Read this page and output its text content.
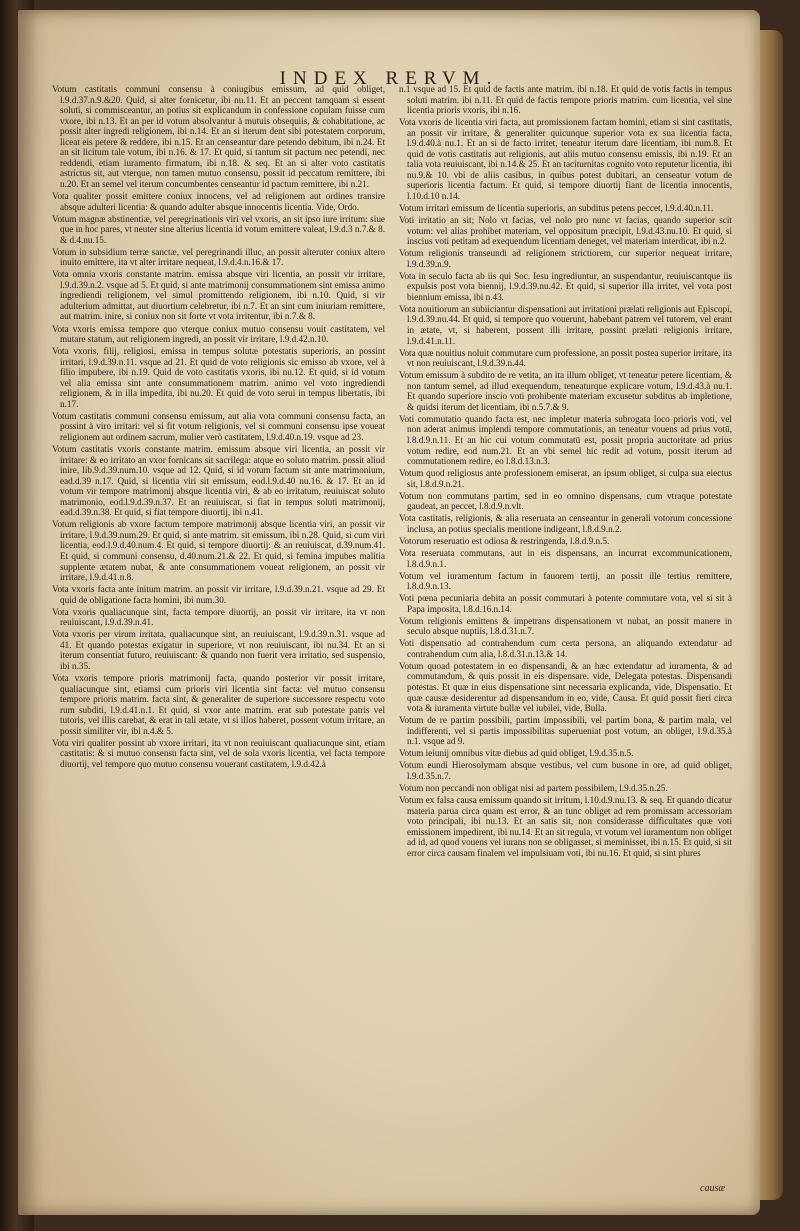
INDEX RERVM.

Votum castitatis communi consensu à coniugibus emissum, ad quid obliget, l.9.d.37.n.9.&20. Quid, si alter fornicetur, ibi nu.11. Et an peccent tamquam si essent soluti, si commisceantur, an potius sit explicandum in confessione copulam fuisse cum vxore, ibi n.13. Et an per id votum absolvantur à mutuis obsequiis, & cohabitatione, ac possit alter ingredi religionem, ibi n.14. Et an si iterum dent sibi potestatem corporum, liceat eis petere & reddere, ibi n.15. Et an censeantur dare petendo debitum, ibi n.24. Et an sit licitum tale votum, ibi n.16. & 17. Et quid, si tantum sit pactum nec petendi, nec reddendi, etiam iuramento firmatum, ibi n.18. & seq. Et an si alter voto castitatis astrictus sit, aut vterque, non tamen mutuo consensu, possit id peccatum remittere, ibi n.20. Et an semel vel iterum concumbentes censeantur id pactum remittere, ibi n.21.

Vota qualiter possit emittere coniux innocens, vel ad religionem aut ordines transire absque adulteri licentia: & quando adulter absque innocentis licentia. Vide, Ordo.

Votum magnæ abstinentiæ, vel peregrinationis viri vel vxoris, an sit ipso iure irritum: siue que in hoc pares, vt neuter sine alterius licentia id votum emittere valeat, l.9.d.3 n.7.& 8. & d.4.nu.15.

Votum in subsidium terræ sanctæ, vel peregrinandi illuc, an possit alteruter coniux altero inuito emittere, ita vt alter irritare nequeat, l.9.d.4.n.16.& 17.

Vota omnia vxoris constante matrim. emissa absque viri licentia, an possit vir irritare, l.9.d.39.n.2. vsque ad 5. Et quid, si ante matrimonij consummationem sint emissa animo ingrediendi religionem, vel simul promittendo religionem, ibi n.10. Quid, si vir adulterium admittat, aut diuortium celebretur, ibi n.7. Et an sint cum iniuriam remittere, aut matrim. inire, si coniux non sit forte vt vota irritentur, ibi n.7.& 8.

Vota vxoris emissa tempore quo vterque coniux mutuo consensu vouit castitatem, vel mutare statum, aut religionem ingredi, an possit vir irritare, l.9.d.42.n.10.

Vota vxoris, filij, religiosi, emissa in tempus solutæ potestatis superioris, an possint irritari, l.9.d.39.n.11. vsque ad 21. Et quid de voto religionis sic emisso ab vxore, vel à filio impubere, ibi n.19. Quid de voto castitatis vxoris, ibi nu.12. Et quid, si id votum vel alia emissa sint ante consummationem matrim. animo vel voto ingrediendi religionem, & in illa impedita, ibi nu.20. Et quid de voto serui in tempus libertatis, ibi n.17.

Votum castitatis communi consensu emissum, aut alia vota communi consensu facta, an possint à viro irritari: vel si fit votum religionis, vel si communi consensu ipse voueat religionem aut ordinem sacrum, mulier verò castitatem, l.9.d.40.n.19. vsque ad 23.

Votum castitatis vxoris constante matrim. emissum absque viri licentia, an possit vir irritare: & eo irritato an vxor fornicans sit sacrilega: atque eo soluto matrim. possit aliud inire, lib.9.d.39.num.10. vsque ad 12. Quid, si id votum factum sit ante matrimonium, ead.d.39 n.17. Quid, si licentia viri sit emissum, eod.l.9.d.40 nu.16. & 17. Et an id votum vir tempore matrimonij absque licentia viri, & ab eo irritatum, reuiuiscat soluto matrimonio, eod.l.9.d.39.n.37. Et an reuiuiscat, si fiat in tempus soluti matrimonij, ead.d.39.n.38. Et quid, si fiat tempore diuortij, ibi n.41.

Votum religionis ab vxore factum tempore matrimonij absque licentia viri, an possit vir irritare, l.9.d.39.num.29. Et quid, si ante matrim. sit emissum, ibi n.28. Quid, si cum viri licentia, eod.l.9.d.40.num.4. Et quid, si tempore diuortij: & an reuiuiscat, d.39.num.41. Et quid, si communi consensu, d.40.num.21.& 22. Et quid, si femina impubes malitia supplente ætatem nubat, & ante consummationem voueat religionem, an possit vir irritare, l.9.d.41.n.8.

Vota vxoris facta ante initum matrim. an possit vir irritare, l.9.d.39.n.21. vsque ad 29. Et quid de obligatione facta homini, ibi num.30.

Vota vxoris qualiacunque sint, facta tempore diuortij, an possit vir irritare, ita vt non reuiuiscant, l.9.d.39.n.41.

Vota vxoris per virum irritata, qualiacunque sint, an reuiuiscant, l.9.d.39.n.31. vsque ad 41. Et quando potestas exigatur in superiore, vt non reuiuiscant, ibi nu.34. Et an si iterum consentiat futuro, reuiuiscant: & quando non fuerit vera irritatio, sed suspensio, ibi n.35.

Vota vxoris tempore prioris matrimonij facta, quando posterior vir possit irritare, qualiacunque sint, etiamsi cum prioris viri licentia sint facta: vel mutuo consensu tempore prioris matrim. facta sint, & generaliter de superiore successore respectu voto rum subditi, l.9.d.41.n.1. Et quid, si vxor ante matrim. erat sub potestate patris vel tutoris, vel illis carebat, & erat in tali ætate, vt si illos haberet, possent votum irritare, an possit similiter vir, ibi n.4.& 5.

Vota viri qualiter possint ab vxore irritari, ita vt non reuiuiscant qualiacunque sint, etiam castitatis: & si mutuo consensu facta sint, vel de sola vxoris licentia, vel facta tempore diuortij, vel tempore quo mutuo consensu vouerant castitatem, l.9.d.42.à

n.1 vsque ad 15. Et quid de factis ante matrim. ibi n.18. Et quid de votis factis in tempus soluti matrim. ibi n.11. Et quid de factis tempore prioris matrim. cum licentia, vel sine licentia prioris vxoris, ibi n.16.

Vota vxoris de licentia viri facta, aut promissionem factam homini, etiam si sint castitatis, an possit vir irritare, & generaliter quicunque superior vota ex sua licentia facta, l.9.d.40.à nu.1. Et an si de facto irritet, teneatur iterum dare licentiam, ibi num.8. Et quid de votis castitatis aut religionis, aut aliis mutuo consensu emissis, ibi n.19. Et an talia vota reuiuiscant, ibi n.14.& 25. Et an taciturnitas cognito voto reputetur licentia, ibi nu.9.& 10. vbi de aliis casibus, in quibus potest dubitari, an censeatur votum de superioris licentia factum. Et quid, si tempore diuortij fiant de licentia innocentis, l.10.d.10 n.14.

Votum irritari emissum de licentia superioris, an subditus petens peccet, l.9.d.40.n.11.

Voti irritatio an sit; Nolo vt facias, vel nolo pro nunc vt facias, quando superior scit votum: vel alias prohibet materiam, vel oppositum præcipit, l.9.d.43.nu.10. Et quid, si inscius voti petitam ad exequendum licentiam deneget, vel materiam interdicat, ibi n.2.

Votum religionis transeundi ad religionem strictiorem, cur superior nequeat irritare, l.9.d.39.n.9.

Vota in seculo facta ab iis qui Soc. Iesu ingrediuntur, an suspendantur, reuiuiscantque iis expulsis post vota biennij, l.9.d.39.nu.42. Et quid, si superior illa irritet, vel vota post biennium emissa, ibi n.43.

Vota nouitiorum an subiiciantur dispensationi aut irritationi prælati religionis aut Episcopi, l.9.d.39.nu.44. Et quid, si tempore quo vouerunt, habebant patrem vel tutorem, vel erant in ætate, vt, si haberent, possent illi irritare, possint prælati religionis irritare, l.9.d.41.n.11.

Vota quæ nouitius noluit commutare cum professione, an possit postea superior irritare, ita vt non reuiuiscant, l.9.d.39.n.44.

Votum emissum à subdito de re vetita, an ita illum obliget, vt teneatur petere licentiam, & non tantum semel, ad illud exequendum, teneaturque explicare votum, l.9.d.43.à nu.1. Et quando superiore inscio voti prohibente materiam excusetur subditus ab impletione, & quidsi iterum det licentiam, ibi n.5.7.& 9.

Voti commutatio quando facta est, nec impletur materia subrogata loco prioris voti, vel non aderat animus implendi tempore commutationis, an teneatur vouens ad prius votū, l.8.d.9.n.11. Et an hic cui votum commutatū est, possit propria auctoritate ad prius votum redire, eod num.21. Et an vbi semel hic redit ad votum, possit iterum ad commutationem redire, eo l.8.d.13.n.3.

Votum quod religiosus ante professionem emiserat, an ipsum obliget, si culpa sua eiectus sit, l.8.d.9.n.21.

Votum non commutans partim, sed in eo omnino dispensans, cum vtraque potestate gaudeat, an peccet, l.8.d.9.n.vlt.

Vota castitatis, religionis, & alia reseruata an censeantur in generali votorum concessione inclusa, an potius specialis mentione indigeant, l.8.d.9.n.2.

Votorum reseruatio est odiosa & restringenda, l.8.d.9.n.5.

Vota reseruata commutans, aut in eis dispensans, an incurrat excommunicationem, l.8.d.9.n.1.

Votum vel iuramentum factum in fauorem tertij, an possit ille tertius remittere, l.8.d.9.n.13.

Voti pœna pecuniaria debita an possit commutari à potente commutare vota, vel si sit à Papa imposita, l.8.d.16.n.14.

Votum religionis emittens & impetrans dispensationem vt nubat, an possit manere in seculo absque nuptiis, l.8.d.31.n.7.

Voti dispensatio ad contrahendum cum certa persona, an aliquando extendatur ad contrahendum cum alia, l.8.d.31.n.13.& 14.

Votum quoad potestatem in eo dispensandi, & an hæc extendatur ad iuramenta, & ad commutandum, & quis possit in eis dispensare. vide, Delegata potestas. Dispensandi potestas. Et quæ in eius dispensatione sint necessaria explicanda, vide, Dispensatio. Et quæ causæ desiderentur ad dispensandum in eo, vide, Causa. Et quid possit fieri circa vota & iuramenta virtute bullæ vel iubilei, vide, Bulla.

Votum de re partim possibili, partim impossibili, vel partim bona, & partim mala, vel indifferenti, vel si partis impossibilitas superueniat post votum, an obliget, l.9.d.35.à n.1. vsque ad 9.

Votum ieiunij omnibus vitæ diebus ad quid obliget, l.9.d.35.n.5.

Votum eundi Hierosolymam absque vestibus, vel cum busone in ore, ad quid obliget, l.9.d.35.n.7.

Votum non peccandi non obligat nisi ad partem possibilem, l.9.d.35.n.25.

Votum ex falsa causa emissum quando sit irritum, l.10.d.9.nu.13. & seq. Et quando dicatur materia parua circa quam est error, & an tunc obliget ad rem promissam accessoriam voto principali, ibi nu.13. Et an satis sit, non considerasse difficultates quæ voti emissionem impedirent, ibi nu.14. Et an sit regula, vt votum vel iuramentum non obliget ad id, ad quod vouens vel iurans non se obligasset, si meminisset, ibi n.15. Et quid, si sit error circa causam finalem vel impulsiuam voti, ibi nu.16. Et quid, si sint plures

causæ
